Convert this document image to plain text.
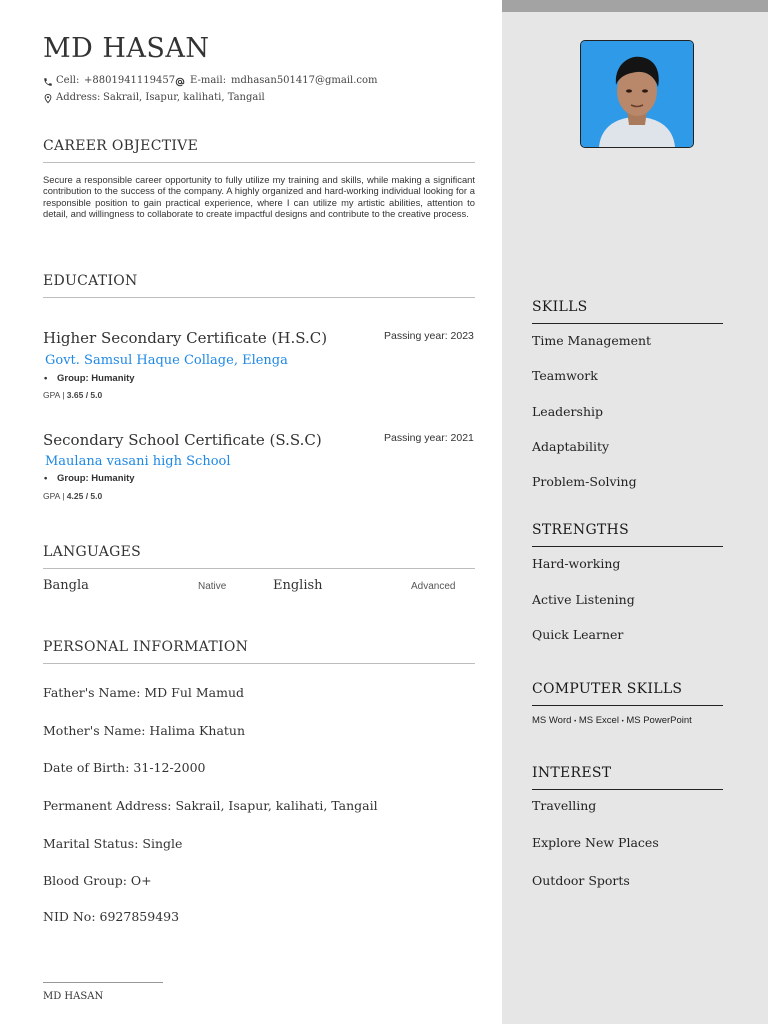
MD HASAN
Cell: +8801941119457 E-mail: mdhasan501417@gmail.com
Address: Sakrail, Isapur, kalihati, Tangail
CAREER OBJECTIVE
Secure a responsible career opportunity to fully utilize my training and skills, while making a significant contribution to the success of the company. A highly organized and hard-working individual looking for a responsible position to gain practical experience, where I can utilize my artistic abilities, attention to detail, and willingness to collaborate to create impactful designs and contribute to the creative process.
EDUCATION
Higher Secondary Certificate (H.S.C)	Passing year: 2023
Govt. Samsul Haque Collage, Elenga
• Group: Humanity
GPA | 3.65 / 5.0
Secondary School Certificate (S.S.C)	Passing year: 2021
Maulana vasani high School
• Group: Humanity
GPA | 4.25 / 5.0
LANGUAGES
Bangla	Native	English	Advanced
PERSONAL INFORMATION
Father's Name: MD Ful Mamud
Mother's Name: Halima Khatun
Date of Birth: 31-12-2000
Permanent Address: Sakrail, Isapur, kalihati, Tangail
Marital Status: Single
Blood Group: O+
NID No: 6927859493
MD HASAN
SKILLS
Time Management
Teamwork
Leadership
Adaptability
Problem-Solving
STRENGTHS
Hard-working
Active Listening
Quick Learner
COMPUTER SKILLS
MS Word • MS Excel • MS PowerPoint
INTEREST
Travelling
Explore New Places
Outdoor Sports
